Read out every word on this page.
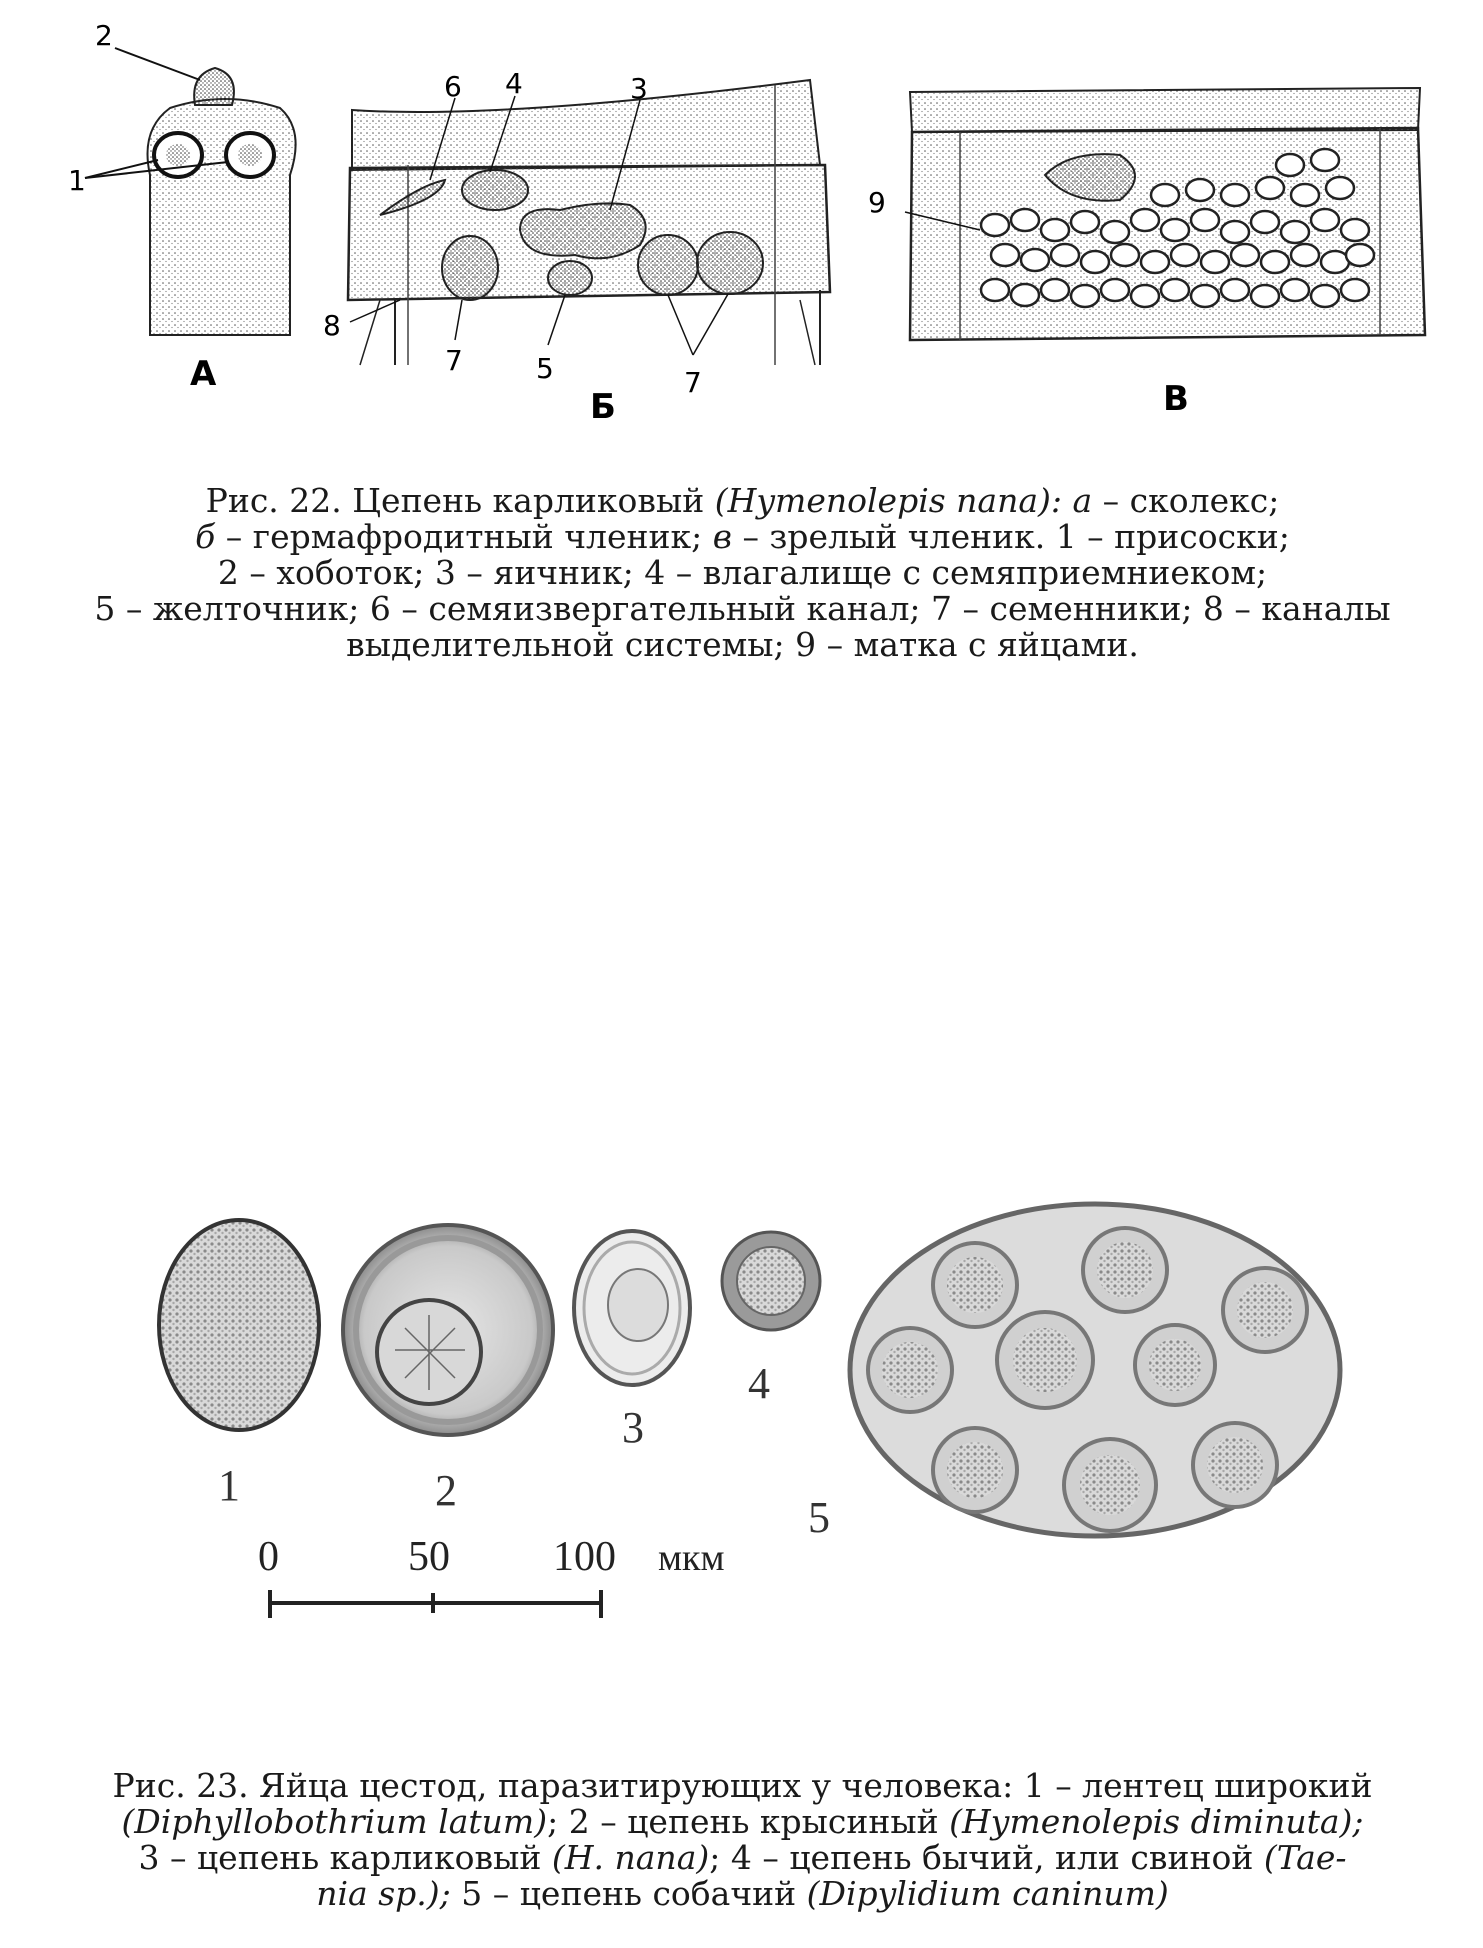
1
2
А
6 4	3
8
7	5	7
Б
9
В
Рис. 22. Цепень карликовый (Hymenolepis nana): а – сколекс;
б – гермафродитный членик; в – зрелый членик. 1 – присоски;
2 – хоботок; 3 – яичник; 4 – влагалище с семяприемниеком;
5 – желточник; 6 – семяизвергательный канал; 7 – семенники; 8 – каналы
выделительной системы; 9 – матка с яйцами.
1	2
3
4
5
0	50 100 мкм
Рис. 23. Яйца цестод, паразитирующих у человека: 1 – лентец широкий
(Diphyllobothrium latum); 2 – цепень крысиный (Hymenolepis diminuta);
3 – цепень карликовый (H. nana); 4 – цепень бычий, или свиной (Tae-
nia sp.); 5 – цепень собачий (Dipylidium caninum)
